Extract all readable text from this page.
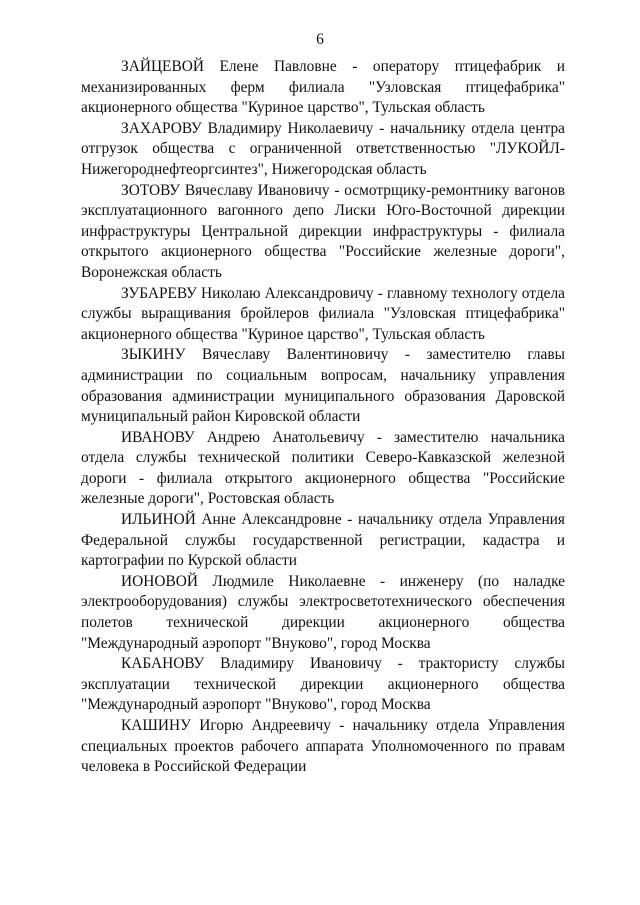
6

ЗАЙЦЕВОЙ Елене Павловне - оператору птицефабрик и механизированных ферм филиала "Узловская птицефабрика" акционерного общества "Куриное царство", Тульская область

ЗАХАРОВУ Владимиру Николаевичу - начальнику отдела центра отгрузок общества с ограниченной ответственностью "ЛУКОЙЛ-Нижегороднефтеоргсинтез", Нижегородская область

ЗОТОВУ Вячеславу Ивановичу - осмотрщику-ремонтнику вагонов эксплуатационного вагонного депо Лиски Юго-Восточной дирекции инфраструктуры Центральной дирекции инфраструктуры - филиала открытого акционерного общества "Российские железные дороги", Воронежская область

ЗУБАРЕВУ Николаю Александровичу - главному технологу отдела службы выращивания бройлеров филиала "Узловская птицефабрика" акционерного общества "Куриное царство", Тульская область

ЗЫКИНУ Вячеславу Валентиновичу - заместителю главы администрации по социальным вопросам, начальнику управления образования администрации муниципального образования Даровской муниципальный район Кировской области

ИВАНОВУ Андрею Анатольевичу - заместителю начальника отдела службы технической политики Северо-Кавказской железной дороги - филиала открытого акционерного общества "Российские железные дороги", Ростовская область

ИЛЬИНОЙ Анне Александровне - начальнику отдела Управления Федеральной службы государственной регистрации, кадастра и картографии по Курской области

ИОНОВОЙ Людмиле Николаевне - инженеру (по наладке электрооборудования) службы электросветотехнического обеспечения полетов технической дирекции акционерного общества "Международный аэропорт "Внуково", город Москва

КАБАНОВУ Владимиру Ивановичу - трактористу службы эксплуатации технической дирекции акционерного общества "Международный аэропорт "Внуково", город Москва

КАШИНУ Игорю Андреевичу - начальнику отдела Управления специальных проектов рабочего аппарата Уполномоченного по правам человека в Российской Федерации
